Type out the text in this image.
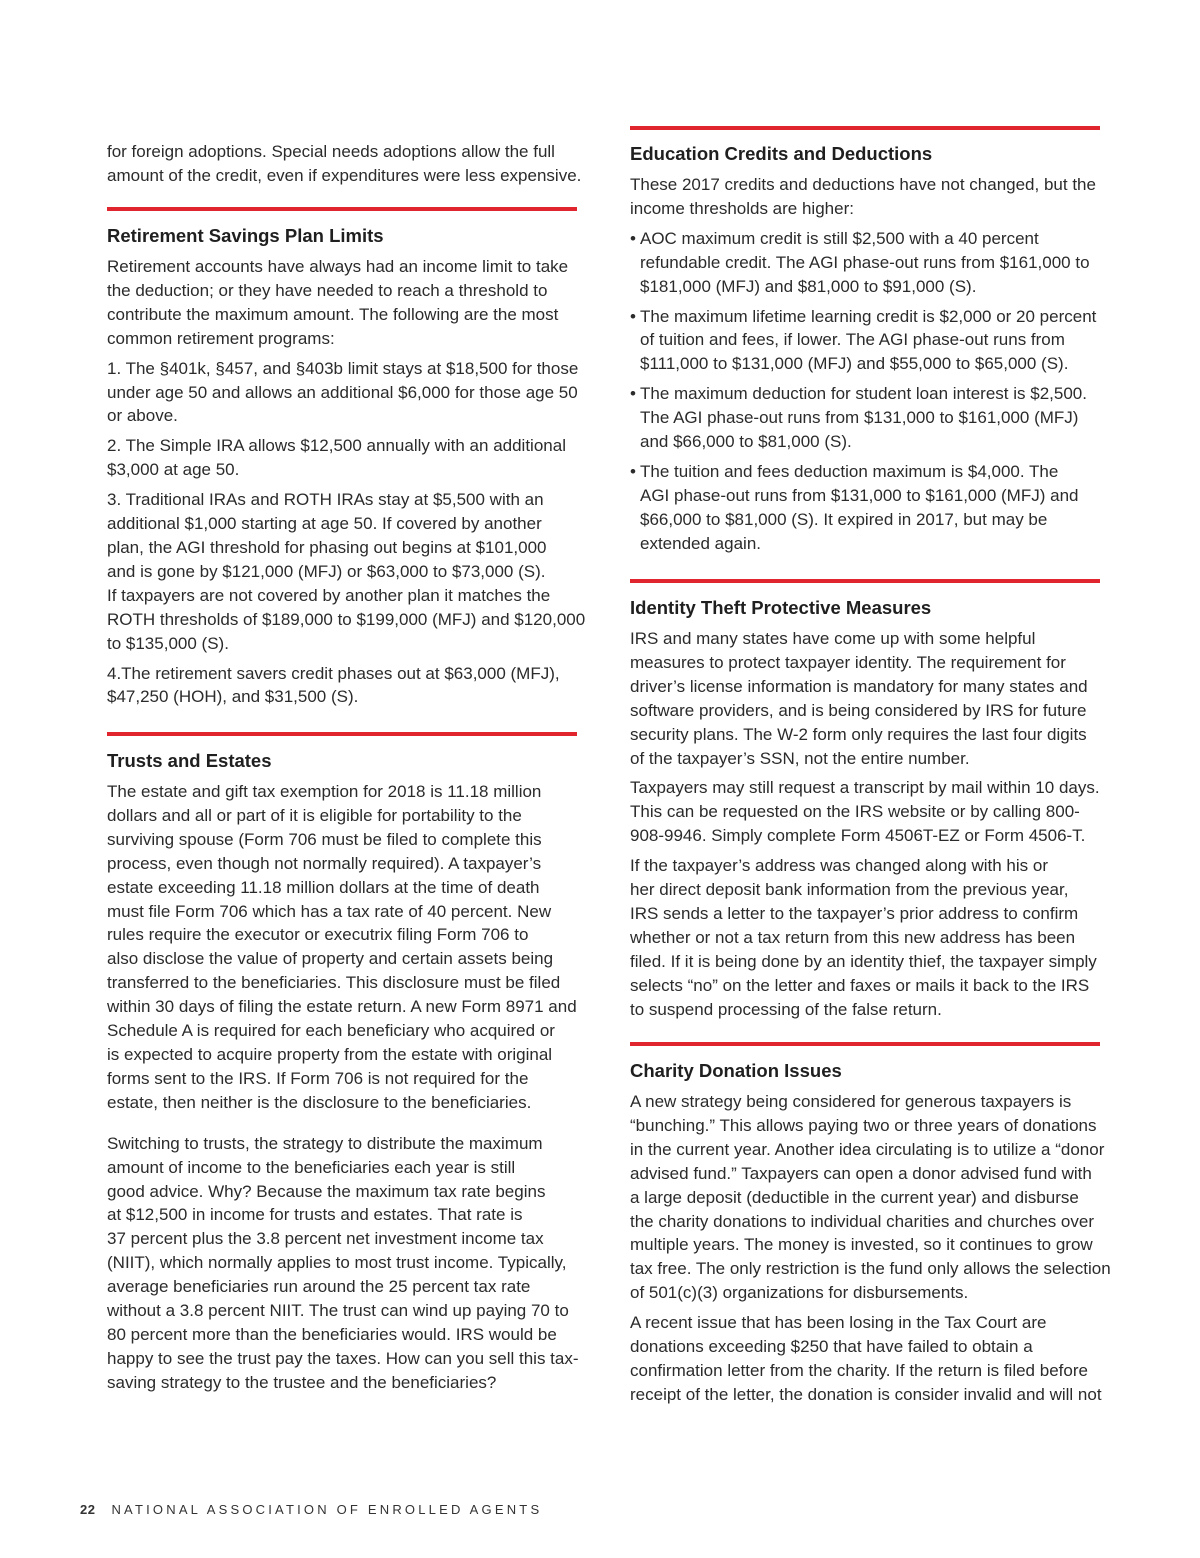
for foreign adoptions. Special needs adoptions allow the full
amount of the credit, even if expenditures were less expensive.

Retirement Savings Plan Limits

Retirement accounts have always had an income limit to take
the deduction; or they have needed to reach a threshold to
contribute the maximum amount. The following are the most
common retirement programs:

1. The §401k, §457, and §403b limit stays at $18,500 for those
under age 50 and allows an additional $6,000 for those age 50
or above.

2. The Simple IRA allows $12,500 annually with an additional
$3,000 at age 50.

3. Traditional IRAs and ROTH IRAs stay at $5,500 with an
additional $1,000 starting at age 50. If covered by another
plan, the AGI threshold for phasing out begins at $101,000
and is gone by $121,000 (MFJ) or $63,000 to $73,000 (S).
If taxpayers are not covered by another plan it matches the
ROTH thresholds of $189,000 to $199,000 (MFJ) and $120,000
to $135,000 (S).

4.The retirement savers credit phases out at $63,000 (MFJ),
$47,250 (HOH), and $31,500 (S).

Trusts and Estates

The estate and gift tax exemption for 2018 is 11.18 million
dollars and all or part of it is eligible for portability to the
surviving spouse (Form 706 must be filed to complete this
process, even though not normally required). A taxpayer’s
estate exceeding 11.18 million dollars at the time of death
must file Form 706 which has a tax rate of 40 percent. New
rules require the executor or executrix filing Form 706 to
also disclose the value of property and certain assets being
transferred to the beneficiaries. This disclosure must be filed
within 30 days of filing the estate return. A new Form 8971 and
Schedule A is required for each beneficiary who acquired or
is expected to acquire property from the estate with original
forms sent to the IRS. If Form 706 is not required for the
estate, then neither is the disclosure to the beneficiaries.

Switching to trusts, the strategy to distribute the maximum
amount of income to the beneficiaries each year is still
good advice. Why? Because the maximum tax rate begins
at $12,500 in income for trusts and estates. That rate is
37 percent plus the 3.8 percent net investment income tax
(NIIT), which normally applies to most trust income. Typically,
average beneficiaries run around the 25 percent tax rate
without a 3.8 percent NIIT. The trust can wind up paying 70 to
80 percent more than the beneficiaries would. IRS would be
happy to see the trust pay the taxes. How can you sell this tax-
saving strategy to the trustee and the beneficiaries?

Education Credits and Deductions

These 2017 credits and deductions have not changed, but the
income thresholds are higher:

• AOC maximum credit is still $2,500 with a 40 percent
refundable credit. The AGI phase-out runs from $161,000 to
$181,000 (MFJ) and $81,000 to $91,000 (S).

• The maximum lifetime learning credit is $2,000 or 20 percent
of tuition and fees, if lower. The AGI phase-out runs from
$111,000 to $131,000 (MFJ) and $55,000 to $65,000 (S).

• The maximum deduction for student loan interest is $2,500.
The AGI phase-out runs from $131,000 to $161,000 (MFJ)
and $66,000 to $81,000 (S).

• The tuition and fees deduction maximum is $4,000. The
AGI phase-out runs from $131,000 to $161,000 (MFJ) and
$66,000 to $81,000 (S). It expired in 2017, but may be
extended again.

Identity Theft Protective Measures

IRS and many states have come up with some helpful
measures to protect taxpayer identity. The requirement for
driver’s license information is mandatory for many states and
software providers, and is being considered by IRS for future
security plans. The W-2 form only requires the last four digits
of the taxpayer’s SSN, not the entire number.

Taxpayers may still request a transcript by mail within 10 days.
This can be requested on the IRS website or by calling 800-
908-9946. Simply complete Form 4506T-EZ or Form 4506-T.

If the taxpayer’s address was changed along with his or
her direct deposit bank information from the previous year,
IRS sends a letter to the taxpayer’s prior address to confirm
whether or not a tax return from this new address has been
filed. If it is being done by an identity thief, the taxpayer simply
selects “no” on the letter and faxes or mails it back to the IRS
to suspend processing of the false return.

Charity Donation Issues

A new strategy being considered for generous taxpayers is
“bunching.” This allows paying two or three years of donations
in the current year. Another idea circulating is to utilize a “donor
advised fund.” Taxpayers can open a donor advised fund with
a large deposit (deductible in the current year) and disburse
the charity donations to individual charities and churches over
multiple years. The money is invested, so it continues to grow
tax free. The only restriction is the fund only allows the selection
of 501(c)(3) organizations for disbursements.

A recent issue that has been losing in the Tax Court are
donations exceeding $250 that have failed to obtain a
confirmation letter from the charity. If the return is filed before
receipt of the letter, the donation is consider invalid and will not

22 NATIONAL ASSOCIATION OF ENROLLED AGENTS
